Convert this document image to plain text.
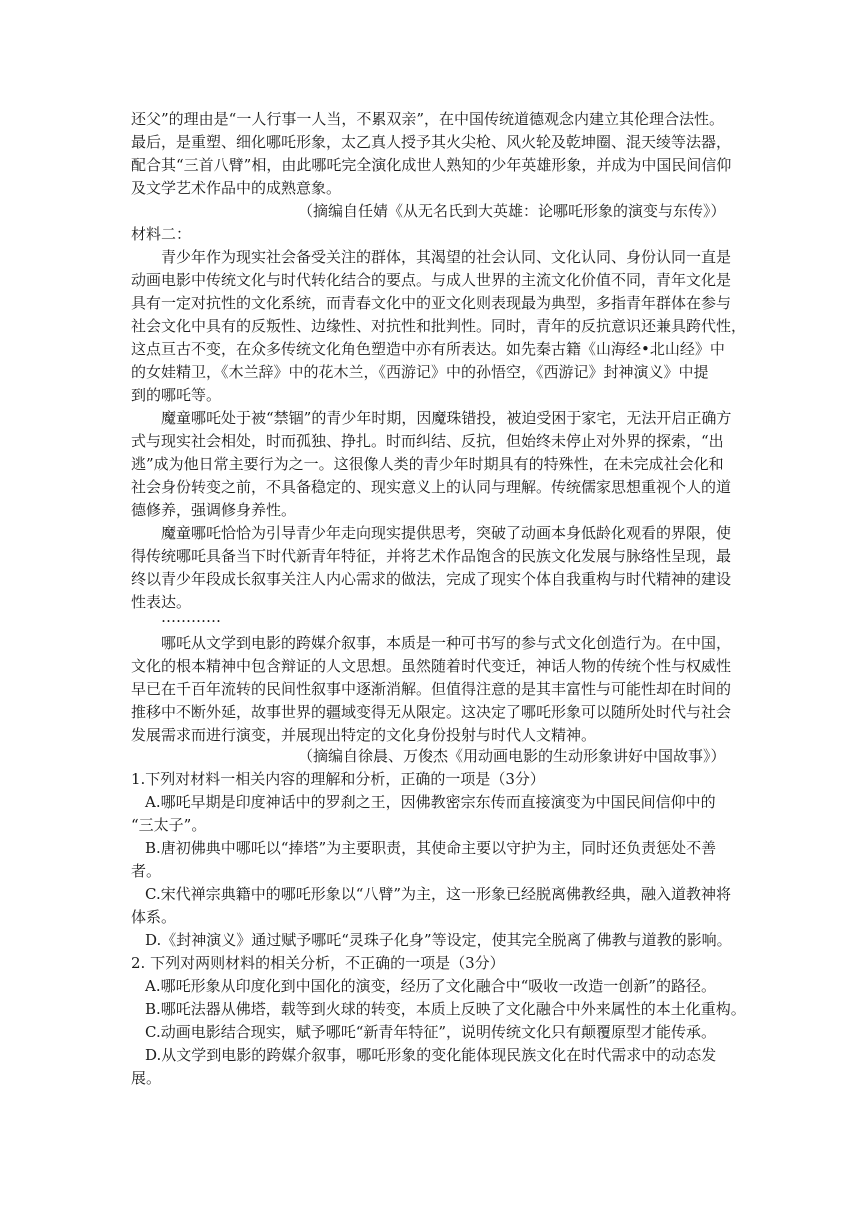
还父”的理由是“一人行事一人当，不累双亲”，在中国传统道德观念内建立其伦理合法性。
最后，是重塑、细化哪吒形象，太乙真人授予其火尖枪、风火轮及乾坤圈、混天绫等法器，
配合其“三首八臂”相，由此哪吒完全演化成世人熟知的少年英雄形象，并成为中国民间信仰
及文学艺术作品中的成熟意象。
（摘编自任婧《从无名氏到大英雄：论哪吒形象的演变与东传》）
材料二：
青少年作为现实社会备受关注的群体，其渴望的社会认同、文化认同、身份认同一直是
动画电影中传统文化与时代转化结合的要点。与成人世界的主流文化价值不同，青年文化是
具有一定对抗性的文化系统，而青春文化中的亚文化则表现最为典型，多指青年群体在参与
社会文化中具有的反叛性、边缘性、对抗性和批判性。同时，青年的反抗意识还兼具跨代性，
这点亘古不变，在众多传统文化角色塑造中亦有所表达。如先秦古籍《山海经•北山经》中
的女娃精卫，《木兰辞》中的花木兰，《西游记》中的孙悟空，《西游记》封神演义》中提
到的哪吒等。
魔童哪吒处于被“禁锢”的青少年时期，因魔珠错投，被迫受困于家宅，无法开启正确方
式与现实社会相处，时而孤独、挣扎。时而纠结、反抗，但始终未停止对外界的探索，“出
逃”成为他日常主要行为之一。这很像人类的青少年时期具有的特殊性，在未完成社会化和
社会身份转变之前，不具备稳定的、现实意义上的认同与理解。传统儒家思想重视个人的道
德修养，强调修身养性。
魔童哪吒恰恰为引导青少年走向现实提供思考，突破了动画本身低龄化观看的界限，使
得传统哪吒具备当下时代新青年特征，并将艺术作品饱含的民族文化发展与脉络性呈现，最
终以青少年段成长叙事关注人内心需求的做法，完成了现实个体自我重构与时代精神的建设
性表达。
…………
哪吒从文学到电影的跨媒介叙事，本质是一种可书写的参与式文化创造行为。在中国，
文化的根本精神中包含辩证的人文思想。虽然随着时代变迁，神话人物的传统个性与权威性
早已在千百年流转的民间性叙事中逐渐消解。但值得注意的是其丰富性与可能性却在时间的
推移中不断外延，故事世界的疆域变得无从限定。这决定了哪吒形象可以随所处时代与社会
发展需求而进行演变，并展现出特定的文化身份投射与时代人文精神。
（摘编自徐晨、万俊杰《用动画电影的生动形象讲好中国故事》）
1.下列对材料一相关内容的理解和分析，正确的一项是（3分）
A.哪吒早期是印度神话中的罗刹之王，因佛教密宗东传而直接演变为中国民间信仰中的
“三太子”。
B.唐初佛典中哪吒以“捧塔”为主要职责，其使命主要以守护为主，同时还负责惩处不善
者。
C.宋代禅宗典籍中的哪吒形象以“八臂”为主，这一形象已经脱离佛教经典，融入道教神将
体系。
D.《封神演义》通过赋予哪吒“灵珠子化身”等设定，使其完全脱离了佛教与道教的影响。
2. 下列对两则材料的相关分析，不正确的一项是（3分）
A.哪吒形象从印度化到中国化的演变，经历了文化融合中“吸收一改造一创新”的路径。
B.哪吒法器从佛塔，载等到火球的转变，本质上反映了文化融合中外来属性的本土化重构。
C.动画电影结合现实，赋予哪吒“新青年特征”，说明传统文化只有颠覆原型才能传承。
D.从文学到电影的跨媒介叙事，哪吒形象的变化能体现民族文化在时代需求中的动态发
展。
